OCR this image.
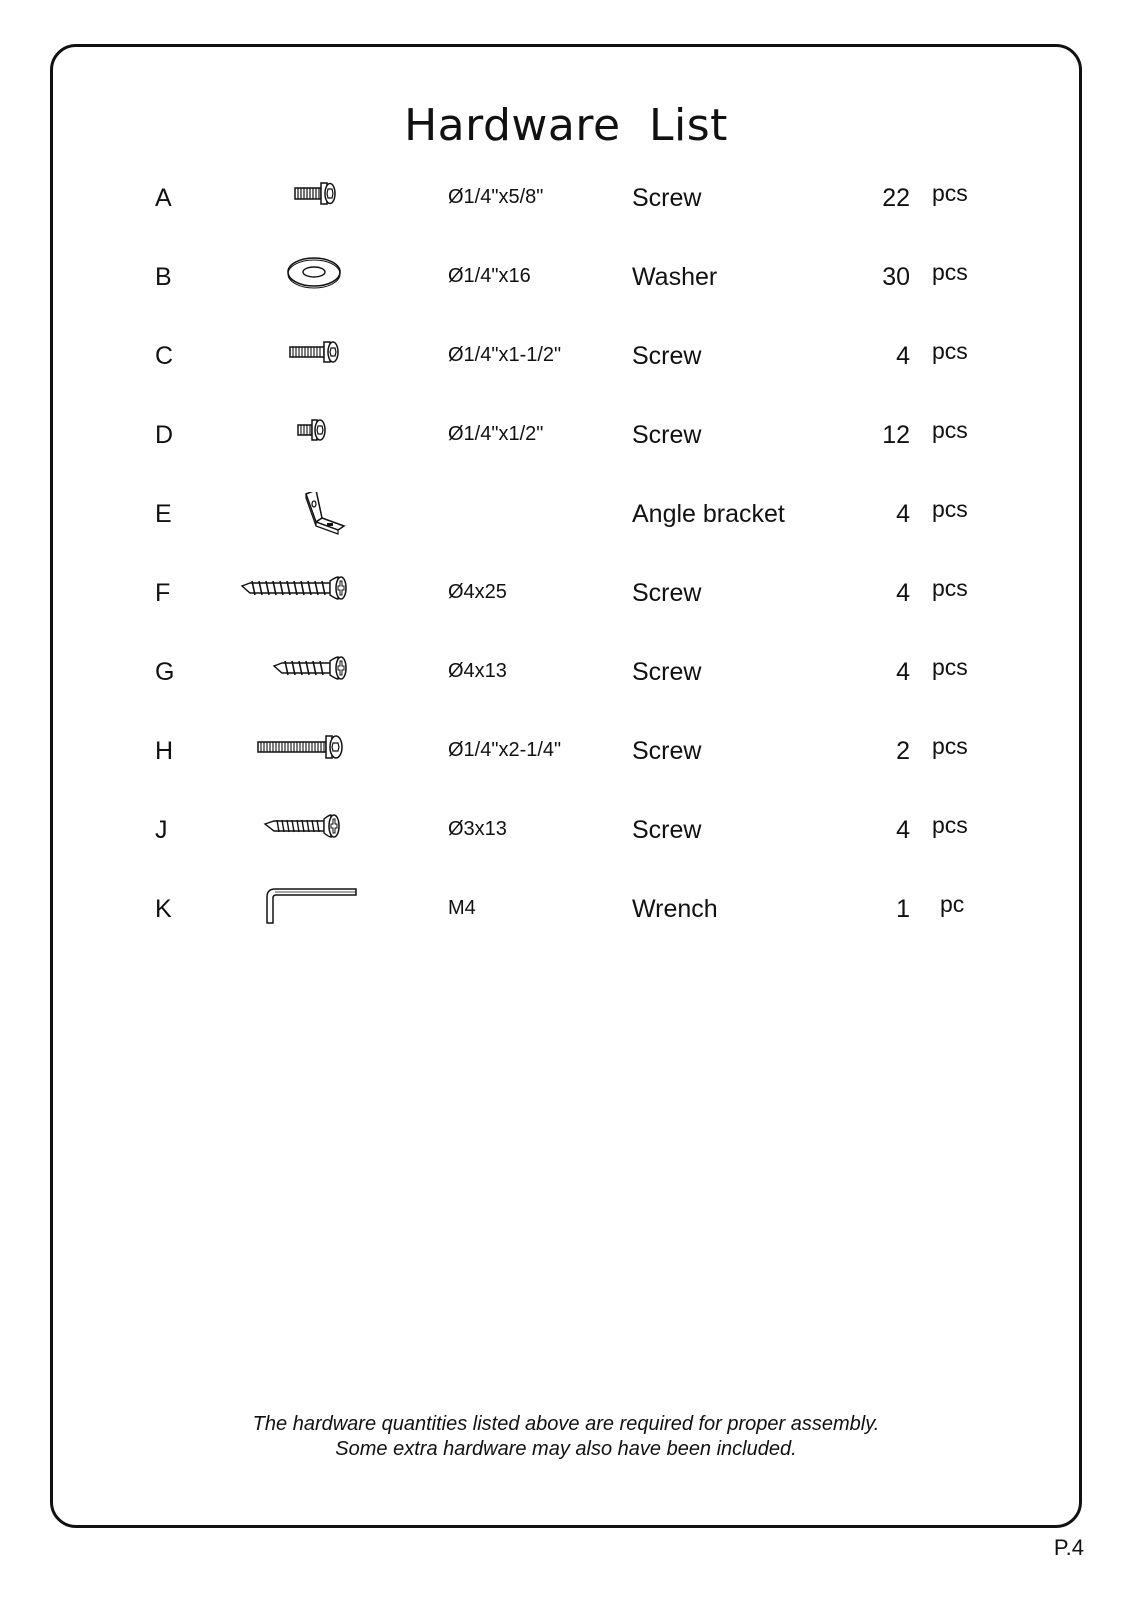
Hardware List
A	Ø1/4"x5/8"	Screw	22 pcs
B	Ø1/4"x16	Washer	30 pcs
C	Ø1/4"x1-1/2"	Screw	4 pcs
D	Ø1/4"x1/2"	Screw	12 pcs
E	Angle bracket	4 pcs
F	Ø4x25	Screw	4 pcs
G	Ø4x13	Screw	4 pcs
H	Ø1/4"x2-1/4"	Screw	2 pcs
J	Ø3x13	Screw	4 pcs
K	M4	Wrench	1 pc
The hardware quantities listed above are required for proper assembly.
Some extra hardware may also have been included.
P.4
